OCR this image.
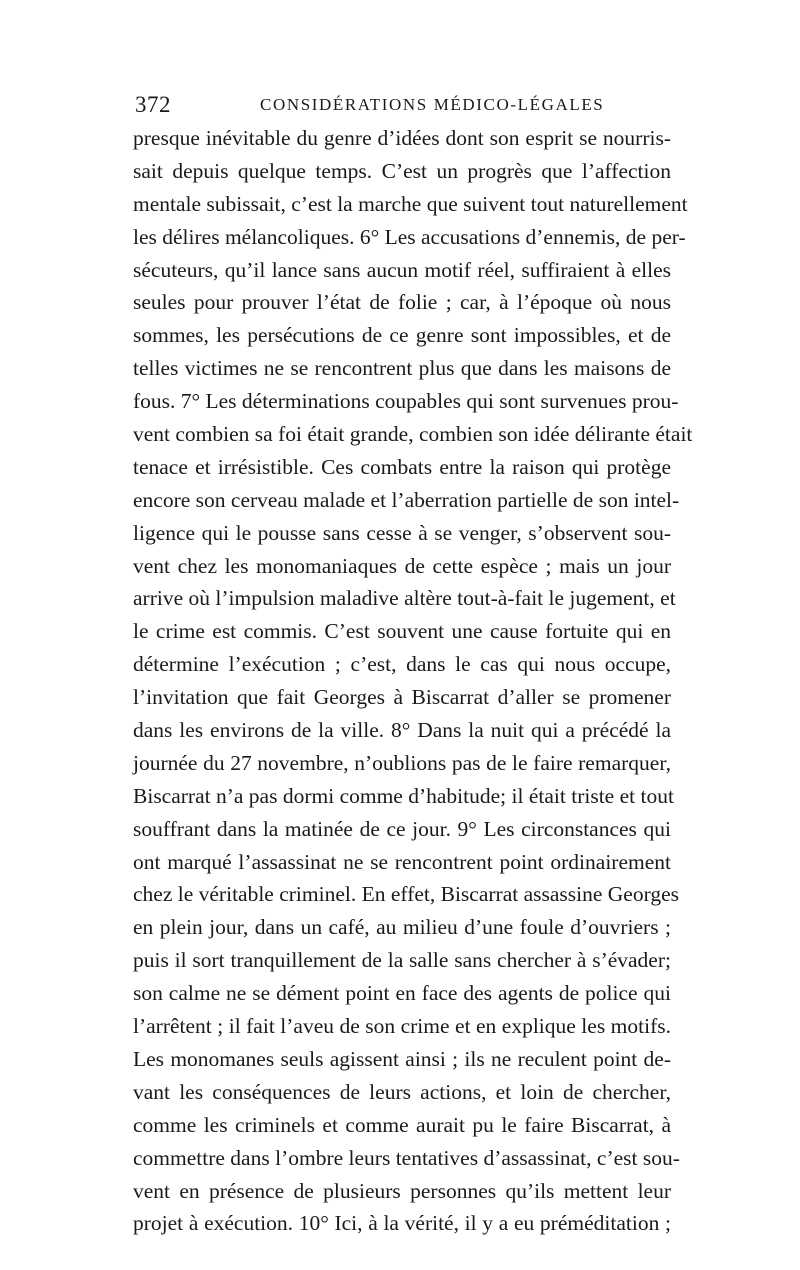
372	CONSIDÉRATIONS MÉDICO-LÉGALES
presque inévitable du genre d’idées dont son esprit se nourris-
sait depuis quelque temps. C’est un progrès que l’affection
mentale subissait, c’est la marche que suivent tout naturellement
les délires mélancoliques. 6° Les accusations d’ennemis, de per-
sécuteurs, qu’il lance sans aucun motif réel, suffiraient à elles
seules pour prouver l’état de folie ; car, à l’époque où nous
sommes, les persécutions de ce genre sont impossibles, et de
telles victimes ne se rencontrent plus que dans les maisons de
fous. 7° Les déterminations coupables qui sont survenues prou-
vent combien sa foi était grande, combien son idée délirante était
tenace et irrésistible. Ces combats entre la raison qui protège
encore son cerveau malade et l’aberration partielle de son intel-
ligence qui le pousse sans cesse à se venger, s’observent sou-
vent chez les monomaniaques de cette espèce ; mais un jour
arrive où l’impulsion maladive altère tout-à-fait le jugement, et
le crime est commis. C’est souvent une cause fortuite qui en
détermine l’exécution ; c’est, dans le cas qui nous occupe,
l’invitation que fait Georges à Biscarrat d’aller se promener
dans les environs de la ville. 8° Dans la nuit qui a précédé la
journée du 27 novembre, n’oublions pas de le faire remarquer,
Biscarrat n’a pas dormi comme d’habitude; il était triste et tout
souffrant dans la matinée de ce jour. 9° Les circonstances qui
ont marqué l’assassinat ne se rencontrent point ordinairement
chez le véritable criminel. En effet, Biscarrat assassine Georges
en plein jour, dans un café, au milieu d’une foule d’ouvriers ;
puis il sort tranquillement de la salle sans chercher à s’évader;
son calme ne se dément point en face des agents de police qui
l’arrêtent ; il fait l’aveu de son crime et en explique les motifs.
Les monomanes seuls agissent ainsi ; ils ne reculent point de-
vant les conséquences de leurs actions, et loin de chercher,
comme les criminels et comme aurait pu le faire Biscarrat, à
commettre dans l’ombre leurs tentatives d’assassinat, c’est sou-
vent en présence de plusieurs personnes qu’ils mettent leur
projet à exécution. 10° Ici, à la vérité, il y a eu préméditation ;
